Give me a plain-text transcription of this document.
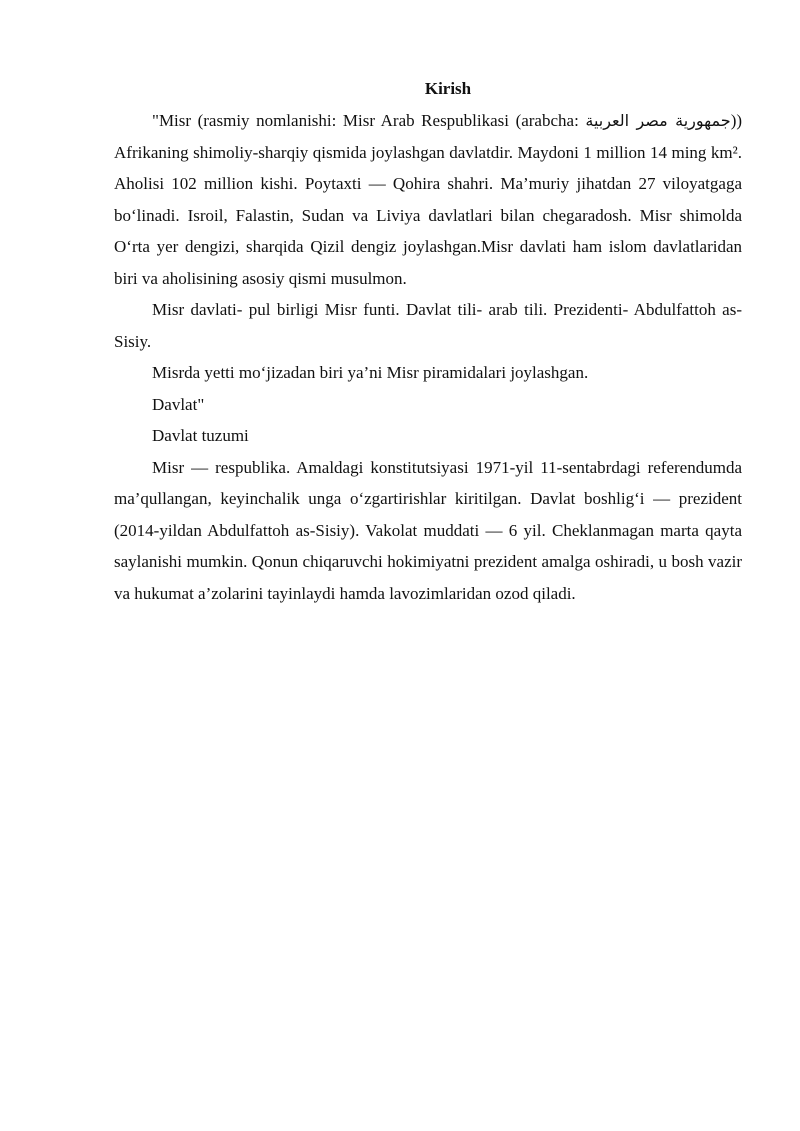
Kirish

"Misr (rasmiy nomlanishi: Misr Arab Respublikasi (arabcha: جمهورية مصر العربية)) Afrikaning shimoliy-sharqiy qismida joylashgan davlatdir. Maydoni 1 million 14 ming km². Aholisi 102 million kishi. Poytaxti — Qohira shahri. Ma’muriy jihatdan 27 viloyatgaga bo‘linadi. Isroil, Falastin, Sudan va Liviya davlatlari bilan chegaradosh. Misr shimolda O‘rta yer dengizi, sharqida Qizil dengiz joylashgan.Misr davlati ham islom davlatlaridan biri va aholisining asosiy qismi musulmon.

Misr davlati- pul birligi Misr funti. Davlat tili- arab tili. Prezidenti- Abdulfattoh as-Sisiy.

Misrda yetti mo‘jizadan biri ya’ni Misr piramidalari joylashgan.

Davlat"

Davlat tuzumi

Misr — respublika. Amaldagi konstitutsiyasi 1971-yil 11-sentabrdagi referendumda ma’qullangan, keyinchalik unga o‘zgartirishlar kiritilgan. Davlat boshlig‘i — prezident (2014-yildan Abdulfattoh as-Sisiy). Vakolat muddati — 6 yil. Cheklanmagan marta qayta saylanishi mumkin. Qonun chiqaruvchi hokimiyatni prezident amalga oshiradi, u bosh vazir va hukumat a’zolarini tayinlaydi hamda lavozimlaridan ozod qiladi.
